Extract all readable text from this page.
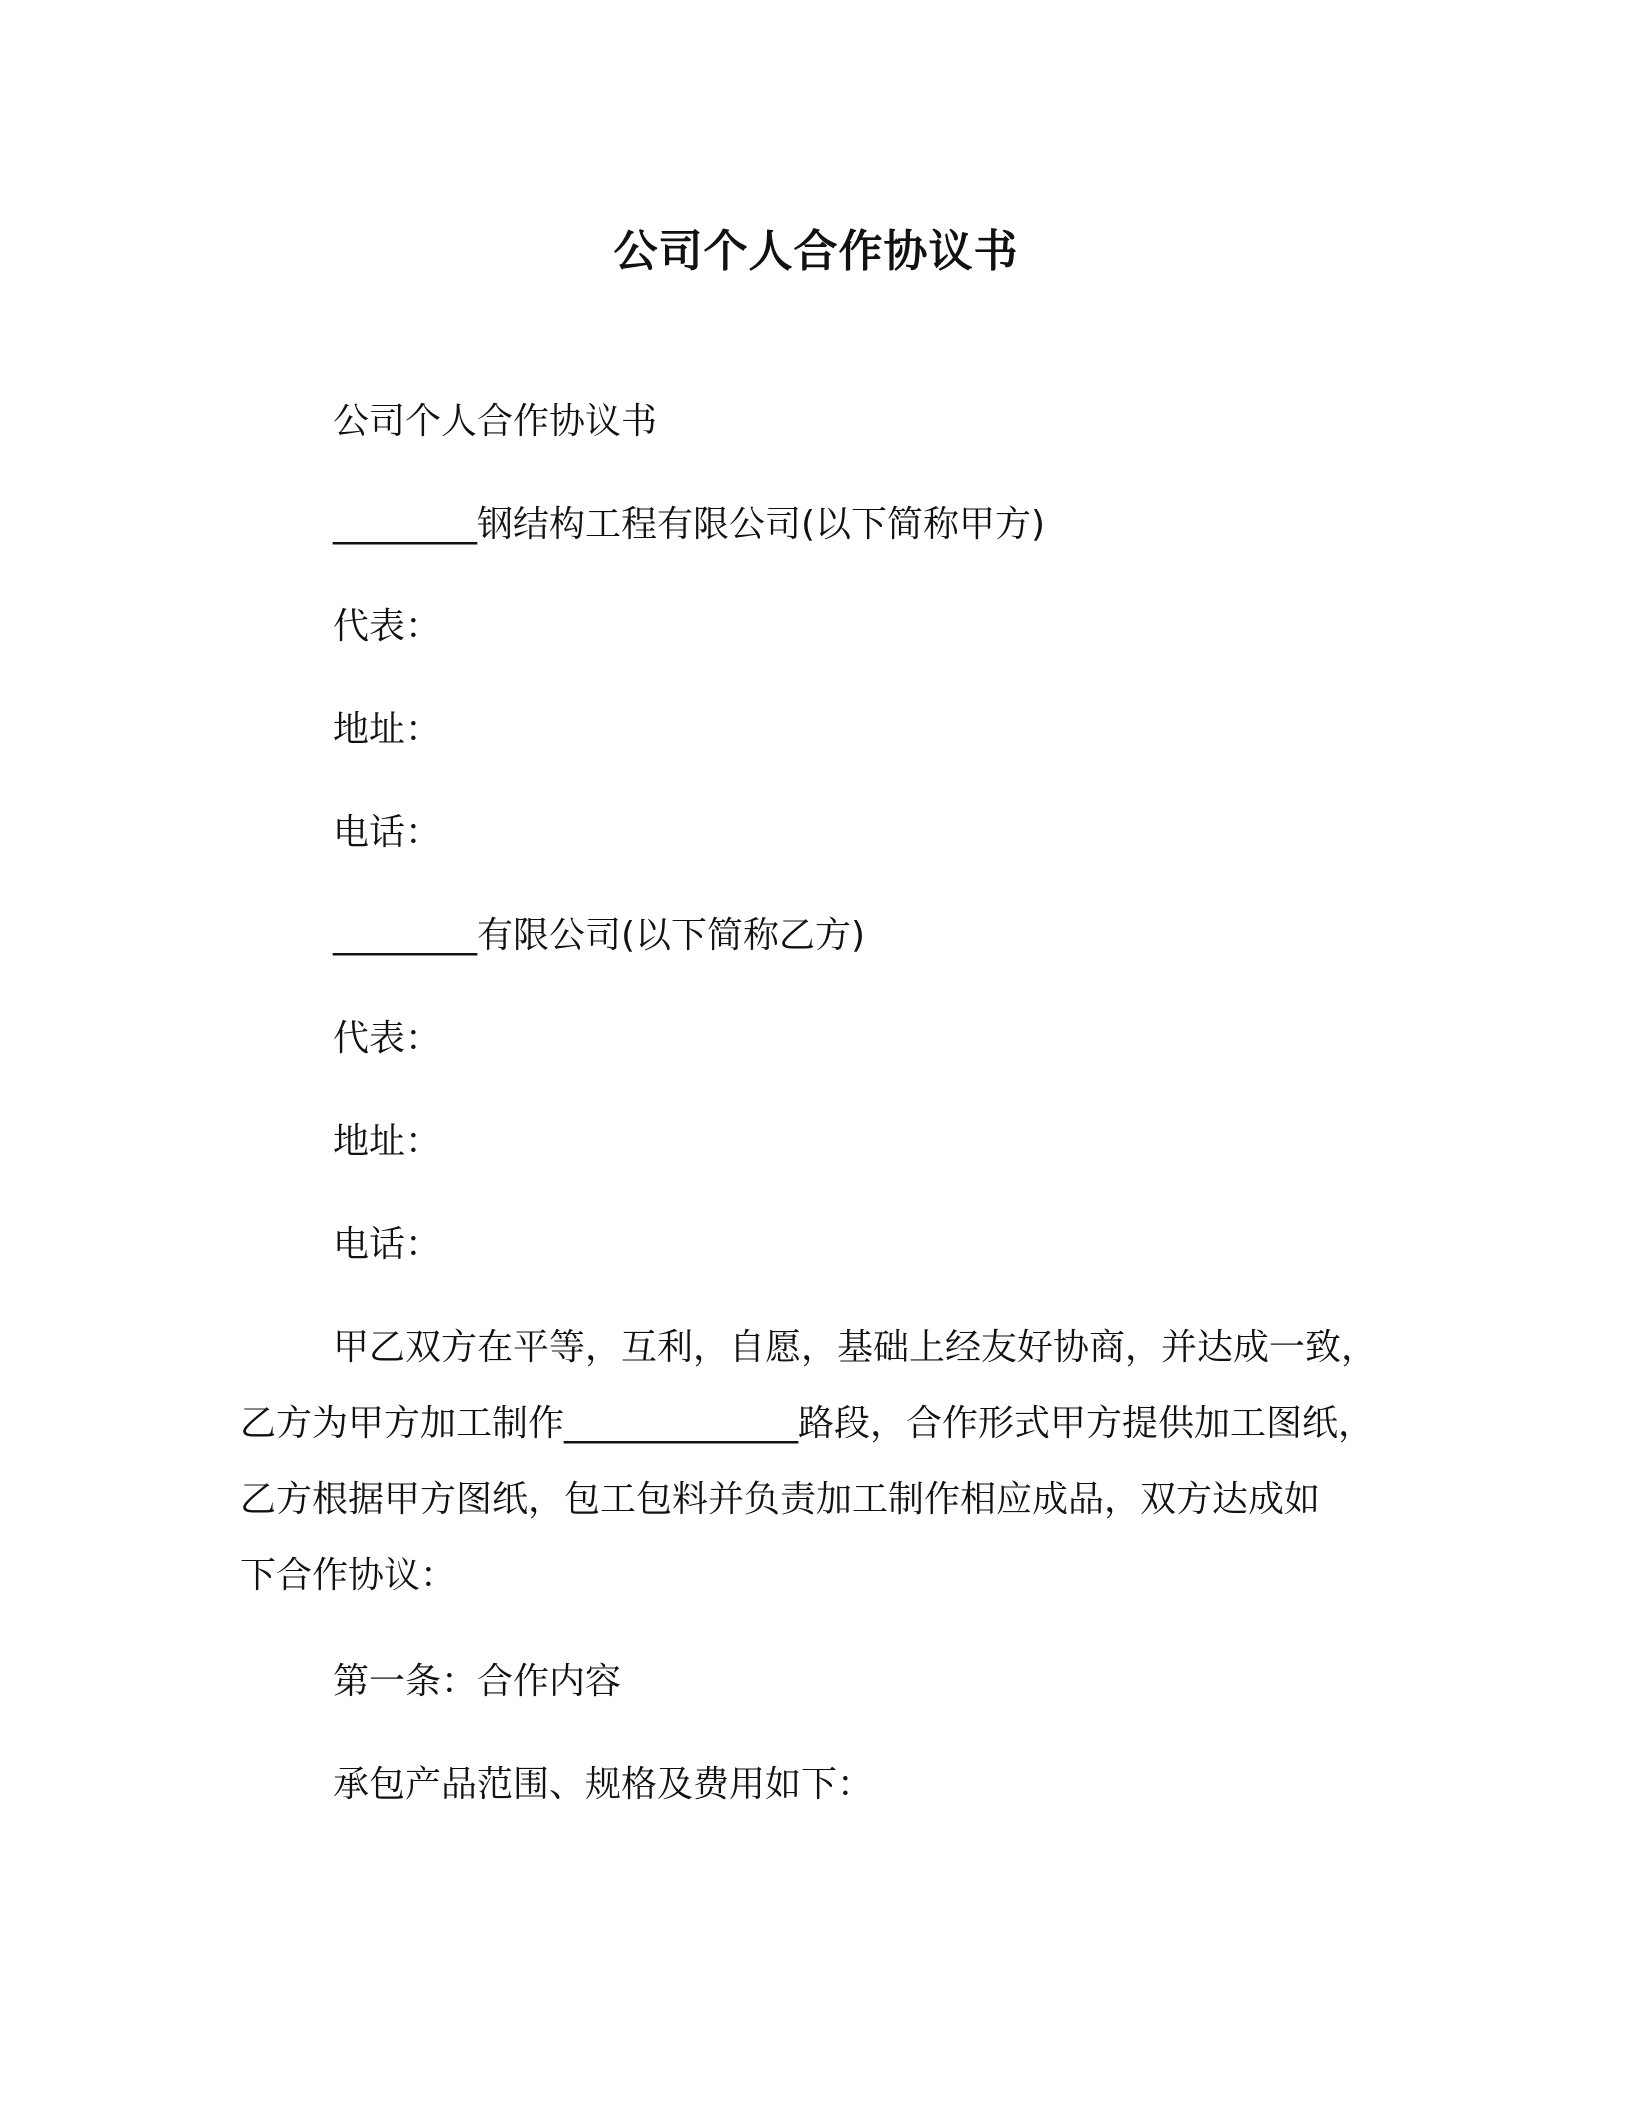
公司个人合作协议书
公司个人合作协议书
________钢结构工程有限公司(以下简称甲方)
代表：
地址：
电话：
________有限公司(以下简称乙方)
代表：
地址：
电话：
甲乙双方在平等，互利，自愿，基础上经友好协商，并达成一致，
乙方为甲方加工制作_____________路段，合作形式甲方提供加工图纸，
乙方根据甲方图纸，包工包料并负责加工制作相应成品，双方达成如
下合作协议：
第一条：合作内容
承包产品范围、规格及费用如下：
